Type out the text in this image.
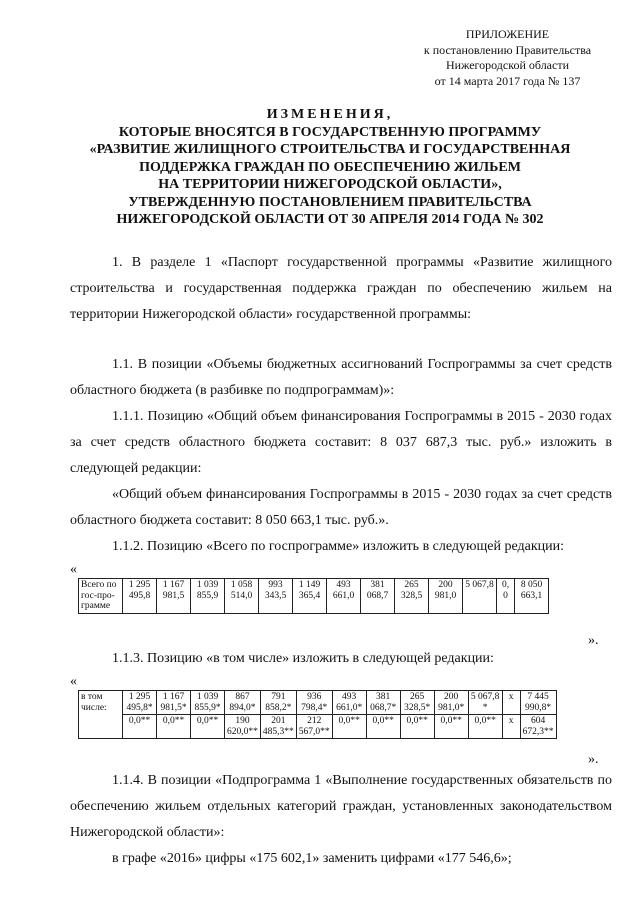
ПРИЛОЖЕНИЕ
к постановлению Правительства
Нижегородской области
от 14 марта 2017 года № 137
ИЗМЕНЕНИЯ,
КОТОРЫЕ ВНОСЯТСЯ В ГОСУДАРСТВЕННУЮ ПРОГРАММУ
«РАЗВИТИЕ ЖИЛИЩНОГО СТРОИТЕЛЬСТВА И ГОСУДАРСТВЕННАЯ
ПОДДЕРЖКА ГРАЖДАН ПО ОБЕСПЕЧЕНИЮ ЖИЛЬЕМ
НА ТЕРРИТОРИИ НИЖЕГОРОДСКОЙ ОБЛАСТИ»,
УТВЕРЖДЕННУЮ ПОСТАНОВЛЕНИЕМ ПРАВИТЕЛЬСТВА
НИЖЕГОРОДСКОЙ ОБЛАСТИ ОТ 30 АПРЕЛЯ 2014 ГОДА № 302
1. В разделе 1 «Паспорт государственной программы «Развитие жилищного строительства и государственная поддержка граждан по обеспечению жильем на территории Нижегородской области» государственной программы:
1.1. В позиции «Объемы бюджетных ассигнований Госпрограммы за счет средств областного бюджета (в разбивке по подпрограммам)»:
1.1.1. Позицию «Общий объем финансирования Госпрограммы в 2015 - 2030 годах за счет средств областного бюджета составит: 8 037 687,3 тыс. руб.» изложить в следующей редакции:
«Общий объем финансирования Госпрограммы в 2015 - 2030 годах за счет средств областного бюджета составит: 8 050 663,1 тыс. руб.».
1.1.2. Позицию «Всего по госпрограмме» изложить в следующей редакции:
«
Всего по гос-про-грамме	1 295 495,8	1 167 981,5	1 039 855,9	1 058 514,0	993 343,5	1 149 365,4	493 661,0	381 068,7	265 328,5	200 981,0	5 067,8	0, 0	8 050 663,1
».
1.1.3. Позицию «в том числе» изложить в следующей редакции:
«
в том числе:	1 295 495,8*	1 167 981,5*	1 039 855,9*	867 894,0*	791 858,2*	936 798,4*	493 661,0*	381 068,7*	265 328,5*	200 981,0*	5 067,8 *	х	7 445 990,8*
	0,0**	0,0**	0,0**	190 620,0**	201 485,3**	212 567,0**	0,0**	0,0**	0,0**	0,0**	0,0**	х	604 672,3**
».
1.1.4. В позиции «Подпрограмма 1 «Выполнение государственных обязательств по обеспечению жильем отдельных категорий граждан, установленных законодательством Нижегородской области»:
в графе «2016» цифры «175 602,1» заменить цифрами «177 546,6»;
